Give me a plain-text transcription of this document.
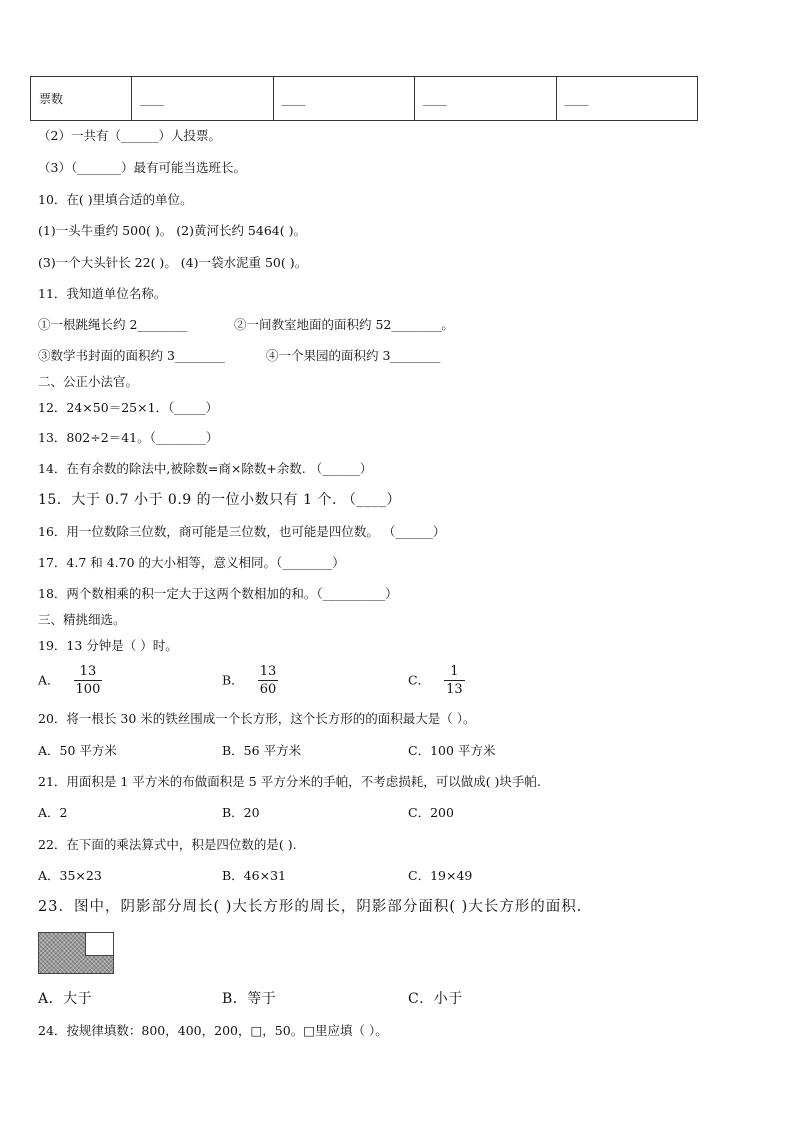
票数	____	____	____	____
（2）一共有（______）人投票。
（3）（_______）最有可能当选班长。
10．在( )里填合适的单位。
(1)一头牛重约 500( )。 (2)黄河长约 5464( )。
(3)一个大头针长 22( )。 (4)一袋水泥重 50( )。
11．我知道单位名称。
①一根跳绳长约 2________	②一间教室地面的面积约 52________。
③数学书封面的面积约 3________	④一个果园的面积约 3________
二、公正小法官。
12．24×50＝25×1．（_____）
13．802÷2＝41。（________）
14．在有余数的除法中,被除数=商×除数+余数. （______）
15．大于 0.7 小于 0.9 的一位小数只有 1 个. （____）
16．用一位数除三位数，商可能是三位数，也可能是四位数。 （______）
17．4.7 和 4.70 的大小相等，意义相同。（________）
18．两个数相乘的积一定大于这两个数相加的和。（__________）
三、精挑细选。
19．13 分钟是（ ）时。
A． $\frac{13}{100}$	B． $\frac{13}{60}$	C． $\frac{1}{13}$
20．将一根长 30 米的铁丝围成一个长方形，这个长方形的的面积最大是（ ）。
A．50 平方米	B．56 平方米	C．100 平方米
21．用面积是 1 平方米的布做面积是 5 平方分米的手帕，不考虑损耗，可以做成( )块手帕.
A．2	B．20	C．200
22．在下面的乘法算式中，积是四位数的是( ).
A．35×23	B．46×31	C．19×49
23．图中，阴影部分周长( )大长方形的周长，阴影部分面积( )大长方形的面积.
A．大于	B．等于	C．小于
24．按规律填数：800，400，200，□，50。□里应填（ ）。
